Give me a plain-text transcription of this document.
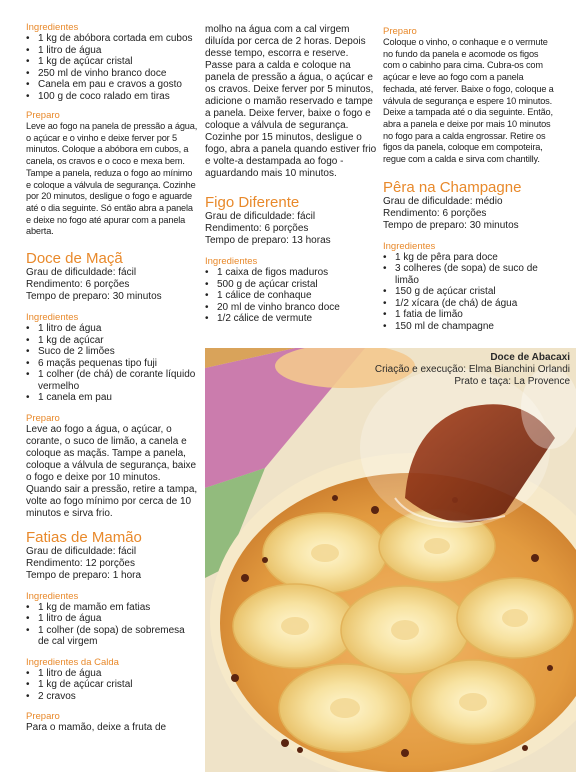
Ingredientes
• 1 kg de abóbora cortada em cubos
• 1 litro de água
• 1 kg de açúcar cristal
• 250 ml de vinho branco doce
• Canela em pau e cravos a gosto
• 100 g de coco ralado em tiras
Preparo

Leve ao fogo na panela de pressão a água, o açúcar e o vinho e deixe ferver por 5 minutos. Coloque a abóbora em cubos, a canela, os cravos e o coco e mexa bem. Tampe a panela, reduza o fogo ao mínimo e coloque a válvula de segurança. Cozinhe por 20 minutos, desligue o fogo e aguarde até o dia seguinte. Só então abra a panela e deixe no fogo até apurar com a panela aberta.

Doce de Maçã
Grau de dificuldade: fácil
Rendimento: 6 porções
Tempo de preparo: 30 minutos
Ingredientes
• 1 litro de água
• 1 kg de açúcar
• Suco de 2 limões
• 6 maçãs pequenas tipo fuji
• 1 colher (de chá) de corante líquido vermelho
• 1 canela em pau
Preparo

Leve ao fogo a água, o açúcar, o corante, o suco de limão, a canela e coloque as maçãs. Tampe a panela, coloque a válvula de segurança, baixe o fogo e deixe por 10 minutos. Quando sair a pressão, retire a tampa, volte ao fogo mínimo por cerca de 10 minutos e sirva frio.

Fatias de Mamão
Grau de dificuldade: fácil
Rendimento: 12 porções
Tempo de preparo: 1 hora
Ingredientes
• 1 kg de mamão em fatias
• 1 litro de água
• 1 colher (de sopa) de sobremesa de cal virgem
Ingredientes da Calda
• 1 litro de água
• 1 kg de açúcar cristal
• 2 cravos
Preparo

Para o mamão, deixe a fruta de

molho na água com a cal virgem diluída por cerca de 2 horas. Depois desse tempo, escorra e reserve. Passe para a calda e coloque na panela de pressão a água, o açúcar e os cravos. Deixe ferver por 5 minutos, adicione o mamão reservado e tampe a panela. Deixe ferver, baixe o fogo e coloque a válvula de segurança. Cozinhe por 15 minutos, desligue o fogo, abra a panela quando estiver frio e volte-a destampada ao fogo - aguardando mais 10 minutos.

Figo Diferente
Grau de dificuldade: fácil
Rendimento: 6 porções
Tempo de preparo: 13 horas
Ingredientes
• 1 caixa de figos maduros
• 500 g de açúcar cristal
• 1 cálice de conhaque
• 20 ml de vinho branco doce
• 1/2 cálice de vermute
Preparo

Coloque o vinho, o conhaque e o vermute no fundo da panela e acomode os figos com o cabinho para cima. Cubra-os com açúcar e leve ao fogo com a panela fechada, até ferver. Baixe o fogo, coloque a válvula de segurança e espere 10 minutos. Deixe a tampada até o dia seguinte. Então, abra a panela e deixe por mais 10 minutos no fogo para a calda engrossar. Retire os figos da panela, coloque em compoteira, regue com a calda e sirva com chantilly.

Pêra na Champagne
Grau de dificuldade: médio
Rendimento: 6 porções
Tempo de preparo: 30 minutos
Ingredientes
• 1 kg de pêra para doce
• 3 colheres (de sopa) de suco de limão
• 150 g de açúcar cristal
• 1/2 xícara (de chá) de água
• 1 fatia de limão
• 150 ml de champagne
Doce de Abacaxi
Criação e execução: Elma Bianchini Orlandi
Prato e taça: La Provence
